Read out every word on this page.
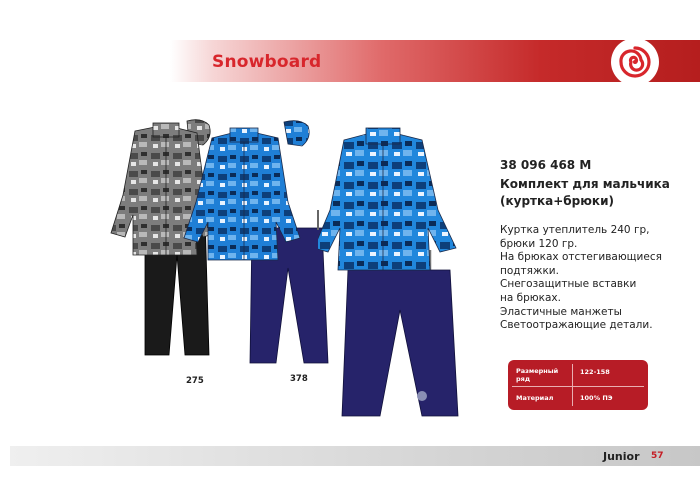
Snowboard
275	378
38 096 468 M
Комплект для мальчика
(куртка+брюки)
Куртка утеплитель 240 гр,
брюки 120 гр.
На брюках отстегивающиеся
подтяжки.
Снегозащитные вставки
на брюках.
Эластичные манжеты
Светоотражающие детали.
Размерный
ряд
122-158
Материал	100% ПЭ
Junior 57
